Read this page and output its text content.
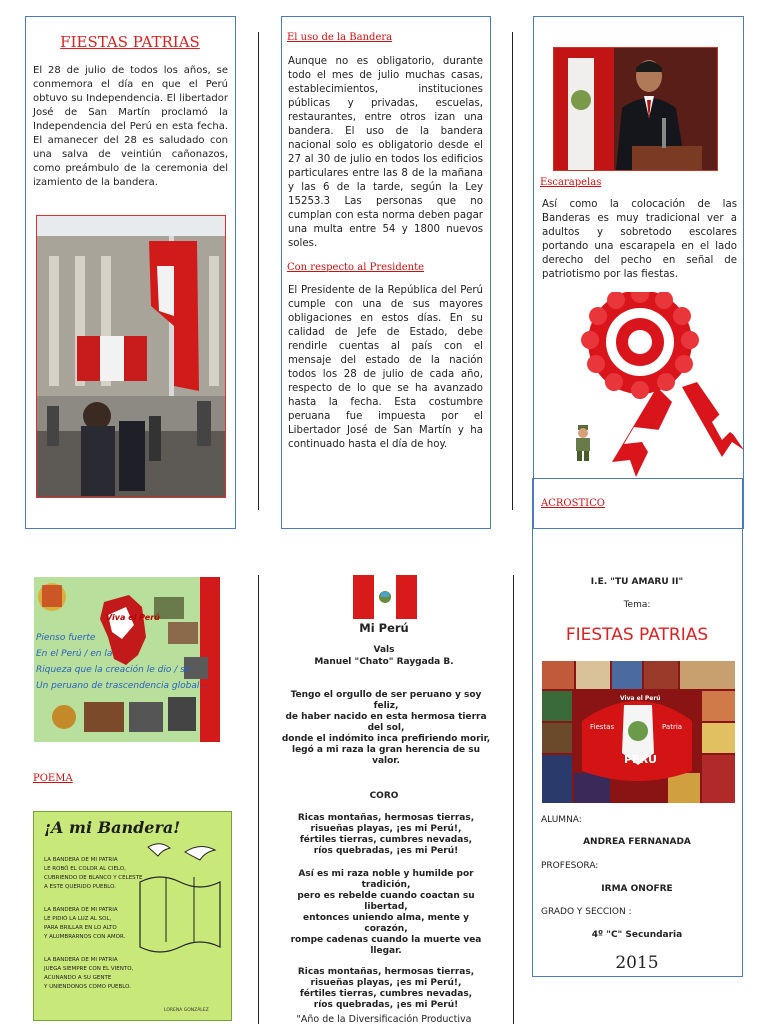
FIESTAS PATRIAS
El 28 de julio de todos los años, se conmemora el día en que el Perú obtuvo su Independencia. El libertador José de San Martín proclamó la Independencia del Perú en esta fecha. El amanecer del 28 es saludado con una salva de veintiún cañonazos, como preámbulo de la ceremonia del izamiento de la bandera.
El uso de la Bandera
Aunque no es obligatorio, durante todo el mes de julio muchas casas, establecimientos, instituciones públicas y privadas, escuelas, restaurantes, entre otros izan una bandera. El uso de la bandera nacional solo es obligatorio desde el 27 al 30 de julio en todos los edificios particulares entre las 8 de la mañana y las 6 de la tarde, según la Ley 15253.3 Las personas que no cumplan con esta norma deben pagar una multa entre 54 y 1800 nuevos soles.
Con respecto al Presidente
El Presidente de la República del Perú cumple con una de sus mayores obligaciones en estos días. En su calidad de Jefe de Estado, debe rendirle cuentas al país con el mensaje del estado de la nación todos los 28 de julio de cada año, respecto de lo que se ha avanzado hasta la fecha. Esta costumbre peruana fue impuesta por el Libertador José de San Martín y ha continuado hasta el día de hoy.
Escarapelas
Así como la colocación de las Banderas es muy tradicional ver a adultos y sobretodo escolares portando una escarapela en el lado derecho del pecho en señal de patriotismo por las fiestas.
Viva el Perú
Pienso fuerte
En el Perú / en la
Riqueza que la creación le dio / se
Un peruano de trascendencia global...
POEMA
¡A mi Bandera!
LA BANDERA DE MI PATRIA
LE ROBÓ EL COLOR AL CIELO,
CUBRIENDO DE BLANCO Y CELESTE
A ESTE QUERIDO PUEBLO.
LA BANDERA DE MI PATRIA
LE PIDIÓ LA LUZ AL SOL,
PARA BRILLAR EN LO ALTO
Y ALUMBRARNOS CON AMOR.
LA BANDERA DE MI PATRIA
JUEGA SIEMPRE CON EL VIENTO,
ACUNANDO A SU GENTE
Y UNIENDONOS COMO PUEBLO.
LORENA GONZÁLEZ
Mi Perú
Vals
Manuel "Chato" Raygada B.
Tengo el orgullo de ser peruano y soy feliz,
de haber nacido en esta hermosa tierra del sol,
donde el indómito inca prefiriendo morir,
legó a mi raza la gran herencia de su valor.
CORO
Ricas montañas, hermosas tierras,
risueñas playas, ¡es mi Perú!,
fértiles tierras, cumbres nevadas,
ríos quebradas, ¡es mi Perú!
Así es mi raza noble y humilde por tradición,
pero es rebelde cuando coactan su libertad,
entonces uniendo alma, mente y corazón,
rompe cadenas cuando la muerte vea llegar.
Ricas montañas, hermosas tierras,
risueñas playas, ¡es mi Perú!,
fértiles tierras, cumbres nevadas,
ríos quebradas, ¡es mi Perú!
"Año de la Diversificación Productiva
ACROSTICO
I.E. "TU AMARU II"
Tema:
FIESTAS PATRIAS
Viva el Perú
Fiestas	Patria
PERÚ
ALUMNA:
ANDREA FERNANADA
PROFESORA:
IRMA ONOFRE
GRADO Y SECCION :
4º "C" Secundaria
2015
